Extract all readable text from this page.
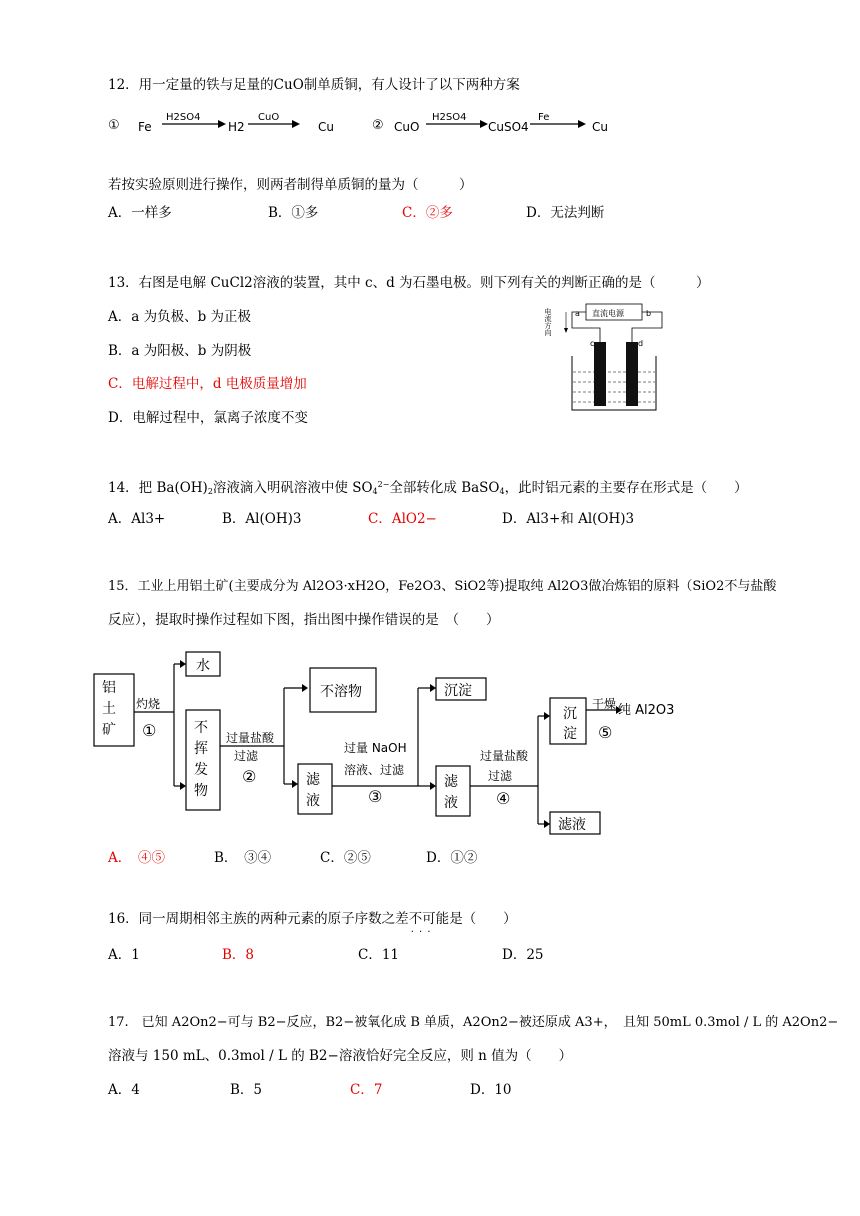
12．用一定量的铁与足量的CuO制单质铜，有人设计了以下两种方案
① Fe
H2SO4
H2
CuO
Cu	② CuO
H2SO4
CuSO4
Fe
Cu
若按实验原则进行操作，则两者制得单质铜的量为（　　　）
A．一样多	B．①多	C．②多	D．无法判断
13．右图是电解 CuCl2溶液的装置，其中 c、d 为石墨电极。则下列有关的判断正确的是（　　　）
A．a 为负极、b 为正极
B．a 为阳极、b 为阴极
C．电解过程中，d 电极质量增加
D．电解过程中，氯离子浓度不变
直流电源
a	b
电流方向
c	d
14．把 $Ba(OH)_2$溶液滴入明矾溶液中使 $SO_4^{2-}$全部转化成 BaSO$_4$，此时铝元素的主要存在形式是（　　）
A．Al3+	B．Al(OH)3	C．AlO2−	D．Al3+和 Al(OH)3
15．工业上用铝土矿(主要成分为 Al2O3·xH2O，Fe2O3、SiO2等)提取纯 Al2O3做冶炼铝的原料（SiO2不与盐酸
反应），提取时操作过程如下图，指出图中操作错误的是　（　　）
灼烧
①
水
过量盐酸
过滤
②
不溶物
过量 NaOH
溶液、过滤
③
沉淀
过量盐酸
过滤
④
干燥 纯 Al2O3
⑤
滤液
铝土矿	不挥发物
滤液
滤液
沉淀
A．　④⑤	B．　③④	C．②⑤	D．①②
16．同一周期相邻主族的两种元素的原子序数之差不可能 · · ·是（　　）
A．1	B．8	C．11	D．25
17.　已知 A2On2−可与 B2−反应，B2−被氧化成 B 单质，A2On2−被还原成 A3+，　且知 50mL 0.3mol / L 的 A2On2−
溶液与 150 mL、0.3mol / L 的 B2−溶液恰好完全反应，则 n 值为（　　）
A．4	B．5	C．7	D．10
